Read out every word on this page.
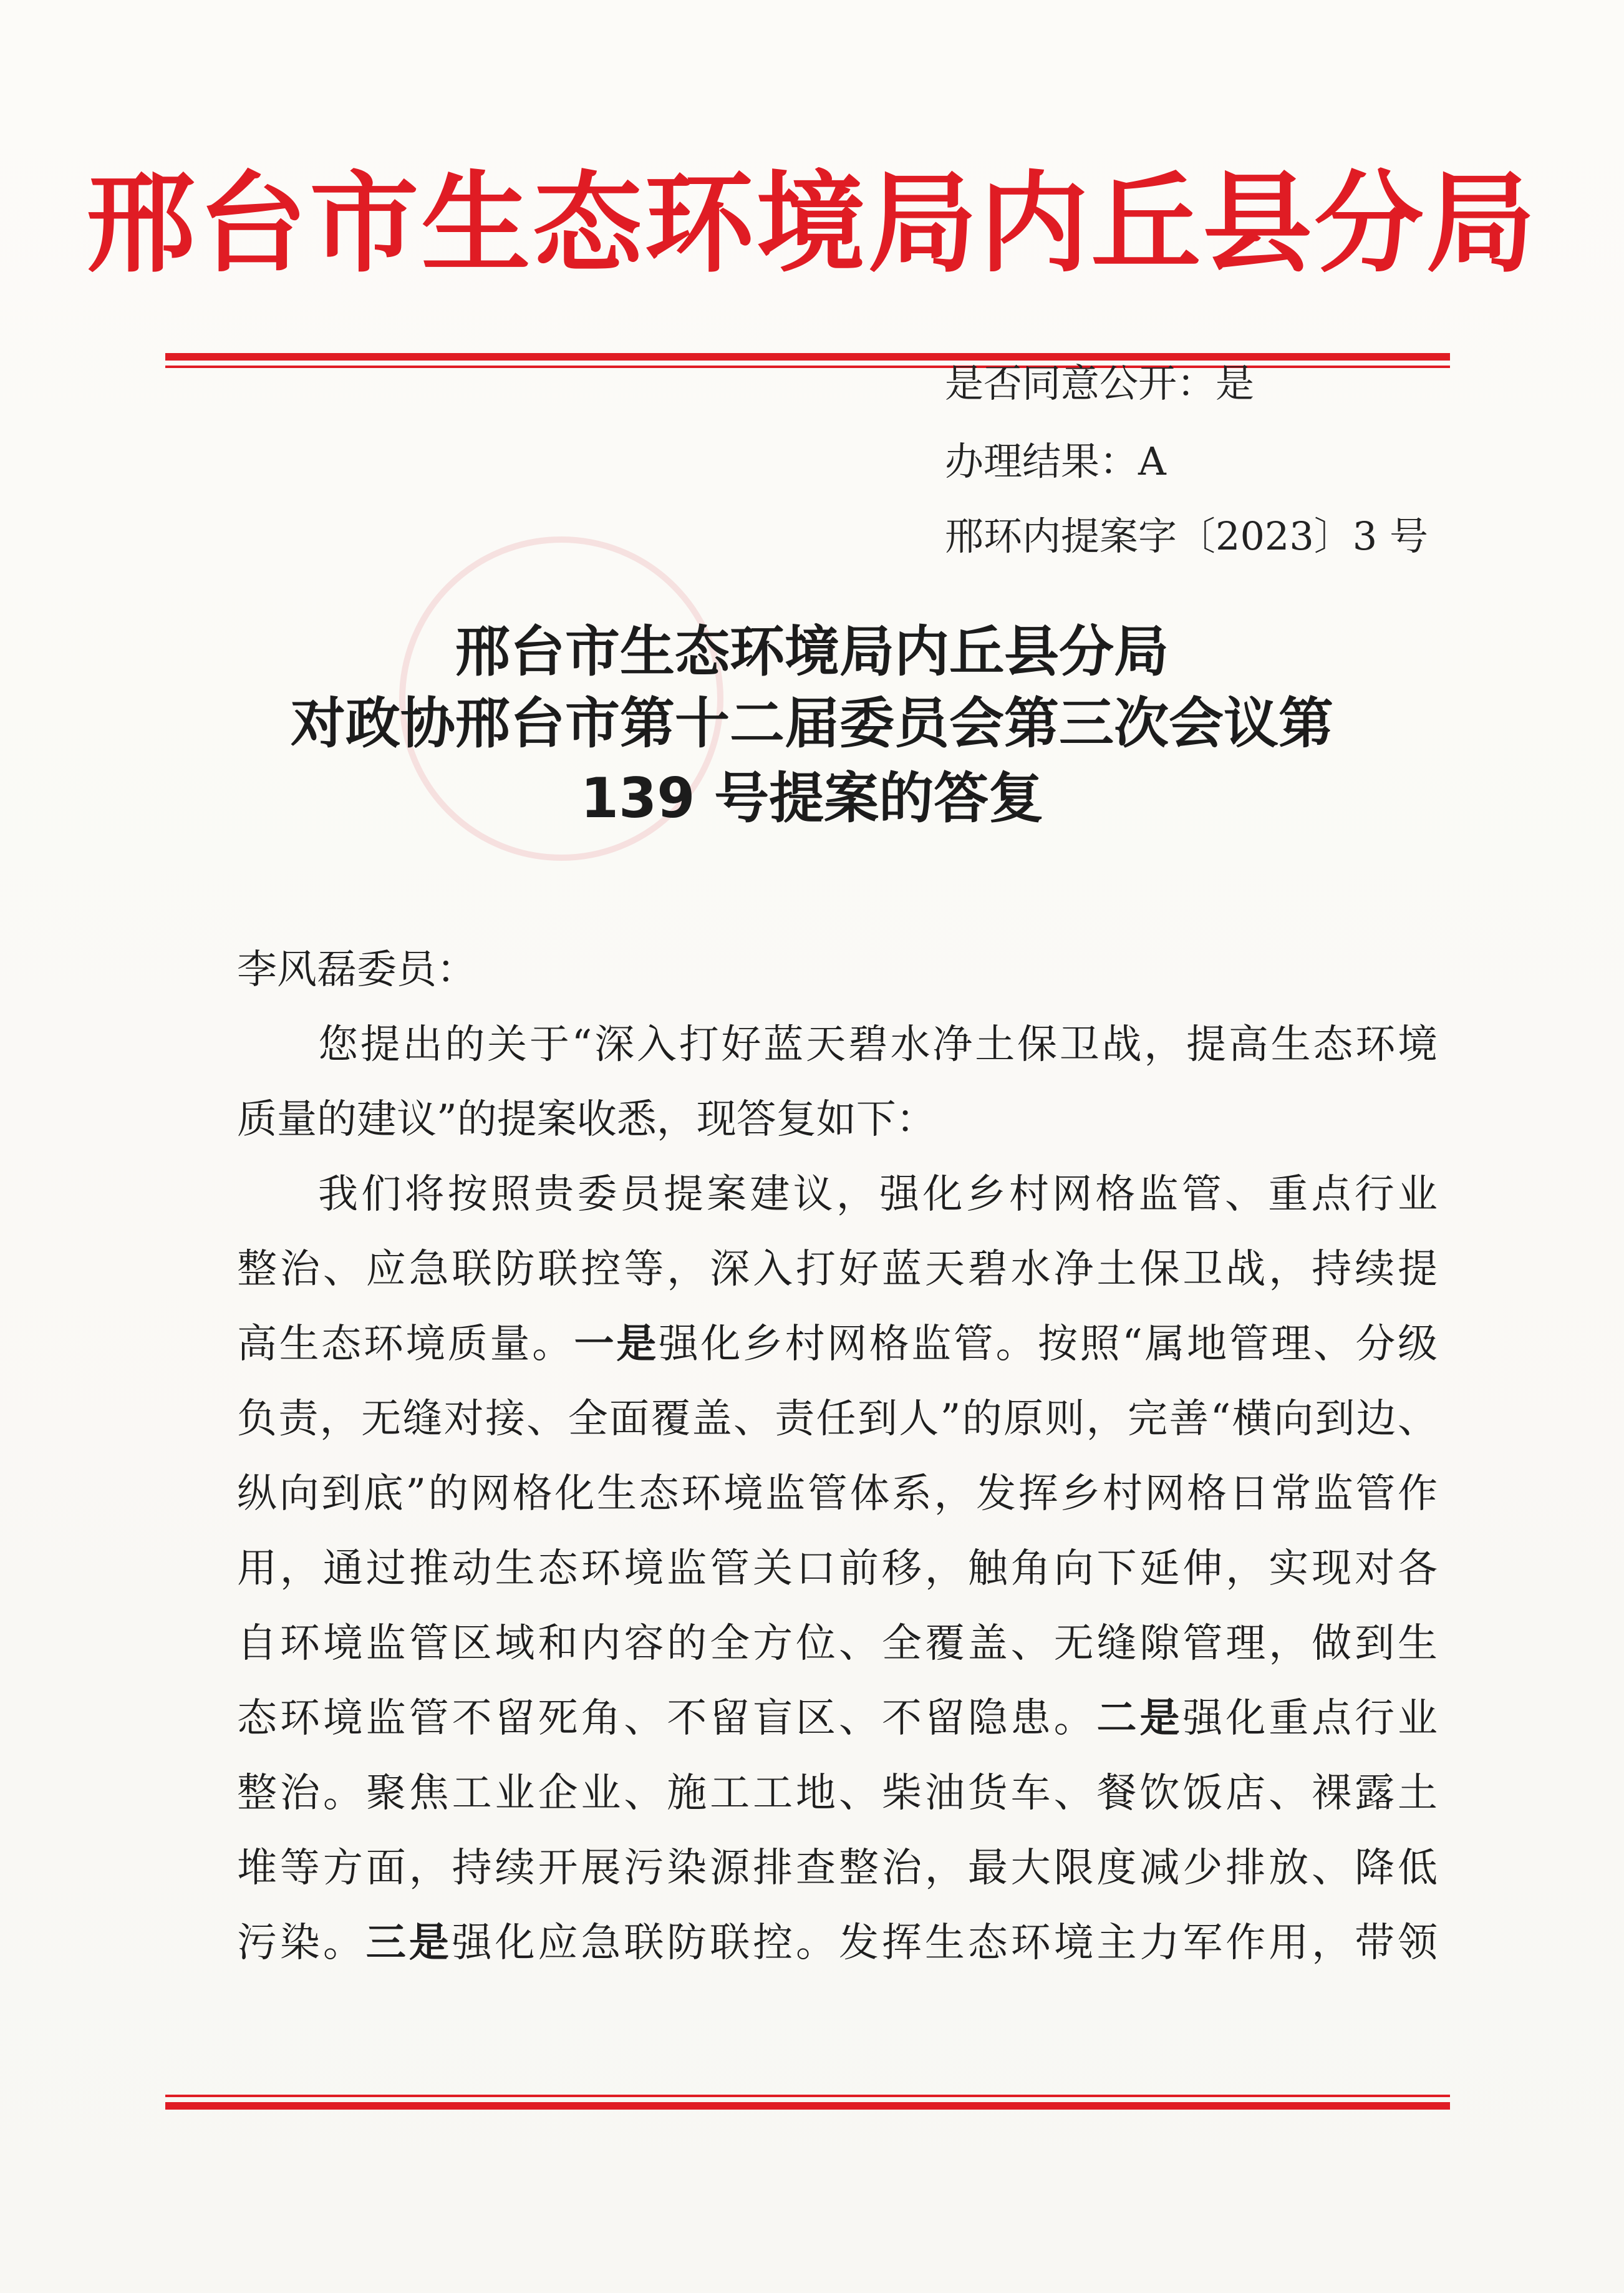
邢台市生态环境局内丘县分局
是否同意公开：是
办理结果：A
邢环内提案字〔2023〕3 号
邢台市生态环境局内丘县分局
对政协邢台市第十二届委员会第三次会议第
139 号提案的答复
李风磊委员：
您提出的关于“深入打好蓝天碧水净土保卫战，提高生态环境
质量的建议”的提案收悉，现答复如下：
我们将按照贵委员提案建议，强化乡村网格监管、重点行业
整治、应急联防联控等，深入打好蓝天碧水净土保卫战，持续提
高生态环境质量。一是强化乡村网格监管。按照“属地管理、分级
负责，无缝对接、全面覆盖、责任到人”的原则，完善“横向到边、
纵向到底”的网格化生态环境监管体系，发挥乡村网格日常监管作
用，通过推动生态环境监管关口前移，触角向下延伸，实现对各
自环境监管区域和内容的全方位、全覆盖、无缝隙管理，做到生
态环境监管不留死角、不留盲区、不留隐患。二是强化重点行业
整治。聚焦工业企业、施工工地、柴油货车、餐饮饭店、裸露土
堆等方面，持续开展污染源排查整治，最大限度减少排放、降低
污染。三是强化应急联防联控。发挥生态环境主力军作用，带领
